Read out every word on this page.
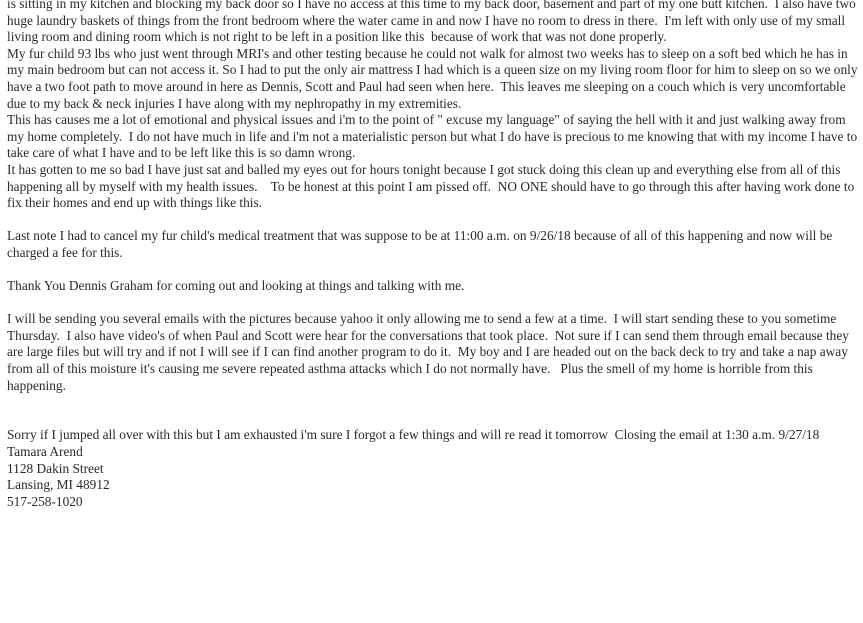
is sitting in my kitchen and blocking my back door so I have no access at this time to my back door, basement and part of my one butt kitchen.  I also have two huge laundry baskets of things from the front bedroom where the water came in and now I have no room to dress in there.  I'm left with only use of my small living room and dining room which is not right to be left in a position like this  because of work that was not done properly.

My fur child 93 lbs who just went through MRI's and other testing because he could not walk for almost two weeks has to sleep on a soft bed which he has in my main bedroom but can not access it. So I had to put the only air mattress I had which is a queen size on my living room floor for him to sleep on so we only have a two foot path to move around in here as Dennis, Scott and Paul had seen when here.  This leaves me sleeping on a couch which is very uncomfortable due to my back & neck injuries I have along with my nephropathy in my extremities.

This has causes me a lot of emotional and physical issues and i'm to the point of " excuse my language" of saying the hell with it and just walking away from my home completely.  I do not have much in life and i'm not a materialistic person but what I do have is precious to me knowing that with my income I have to take care of what I have and to be left like this is so damn wrong.

It has gotten to me so bad I have just sat and balled my eyes out for hours tonight because I got stuck doing this clean up and everything else from all of this happening all by myself with my health issues.    To be honest at this point I am pissed off.  NO ONE should have to go through this after having work done to fix their homes and end up with things like this.

Last note I had to cancel my fur child's medical treatment that was suppose to be at 11:00 a.m. on 9/26/18 because of all of this happening and now will be charged a fee for this.

Thank You Dennis Graham for coming out and looking at things and talking with me.

I will be sending you several emails with the pictures because yahoo it only allowing me to send a few at a time.  I will start sending these to you sometime Thursday.  I also have video's of when Paul and Scott were hear for the conversations that took place.  Not sure if I can send them through email because they are large files but will try and if not I will see if I can find another program to do it.  My boy and I are headed out on the back deck to try and take a nap away from all of this moisture it's causing me severe repeated asthma attacks which I do not normally have.   Plus the smell of my home is horrible from this happening.

Sorry if I jumped all over with this but I am exhausted i'm sure I forgot a few things and will re read it tomorrow  Closing the email at 1:30 a.m. 9/27/18

Tamara Arend

1128 Dakin Street

Lansing, MI 48912

517-258-1020
